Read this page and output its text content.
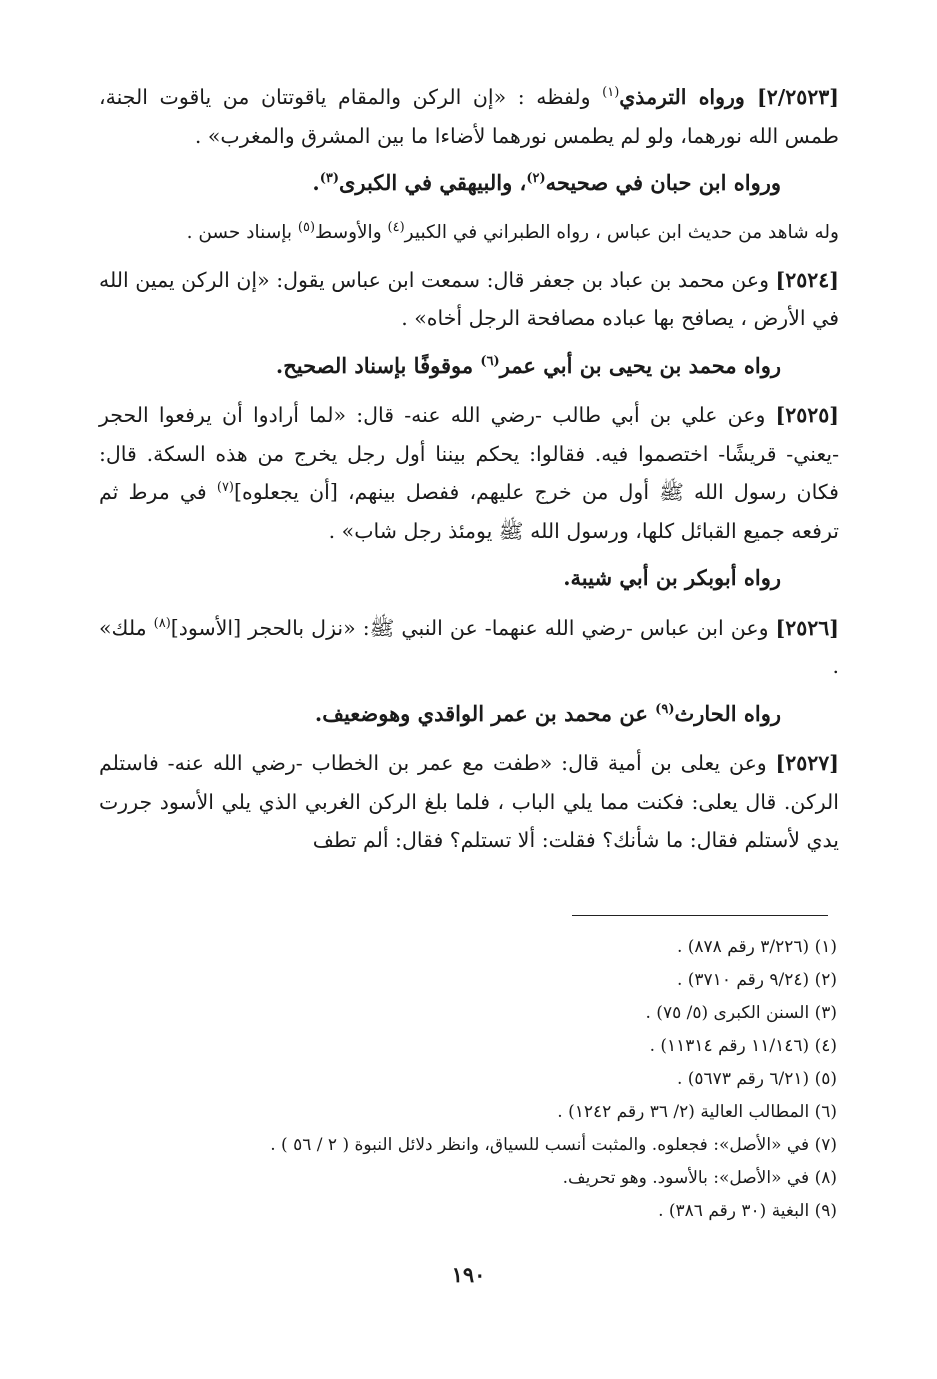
[٢/٢٥٢٣] ورواه الترمذي$^{(١)}$ ولفظه : «إن الركن والمقام ياقوتتان من ياقوت الجنة، طمس الله نورهما، ولو لم يطمس نورهما لأضاءا ما بين المشرق والمغرب» .

ورواه ابن حبان في صحيحه$^{(٢)}$، والبيهقي في الكبرى$^{(٣)}$.

وله شاهد من حديث ابن عباس ، رواه الطبراني في الكبير$^{(٤)}$ والأوسط$^{(٥)}$ بإسناد حسن .

[٢٥٢٤] وعن محمد بن عباد بن جعفر قال: سمعت ابن عباس يقول: «إن الركن يمين الله في الأرض ، يصافح بها عباده مصافحة الرجل أخاه» .

رواه محمد بن يحيى بن أبي عمر$^{(٦)}$ موقوفًا بإسناد الصحيح.

[٢٥٢٥] وعن علي بن أبي طالب -رضي الله عنه- قال: «لما أرادوا أن يرفعوا الحجر -يعني- قريشًا- اختصموا فيه. فقالوا: يحكم بيننا أول رجل يخرج من هذه السكة. قال: فكان رسول الله ﷺ أول من خرج عليهم، ففصل بينهم، [أن يجعلوه]$^{(٧)}$ في مرط ثم ترفعه جميع القبائل كلها، ورسول الله ﷺ يومئذ رجل شاب» .

رواه أبوبكر بن أبي شيبة.

[٢٥٢٦] وعن ابن عباس -رضي الله عنهما- عن النبي ﷺ: «نزل بالحجر [الأسود]$^{(٨)}$ ملك» .

رواه الحارث$^{(٩)}$ عن محمد بن عمر الواقدي وهوضعيف.

[٢٥٢٧] وعن يعلى بن أمية قال: «طفت مع عمر بن الخطاب -رضي الله عنه- فاستلم الركن. قال يعلى: فكنت مما يلي الباب ، فلما بلغ الركن الغربي الذي يلي الأسود جررت يدي لأستلم فقال: ما شأنك؟ فقلت: ألا تستلم؟ فقال: ألم تطف

(١) (٣/٢٢٦ رقم ٨٧٨) .

(٢) (٩/٢٤ رقم ٣٧١٠) .

(٣) السنن الكبرى (٥/ ٧٥) .

(٤) (١١/١٤٦ رقم ١١٣١٤) .

(٥) (٦/٢١ رقم ٥٦٧٣) .

(٦) المطالب العالية (٢/ ٣٦ رقم ١٢٤٢) .

(٧) في «الأصل»: فجعلوه. والمثبت أنسب للسياق، وانظر دلائل النبوة ( ٢ / ٥٦ ) .

(٨) في «الأصل»: بالأسود. وهو تحريف.

(٩) البغية (٣٠ رقم ٣٨٦) .

١٩٠
